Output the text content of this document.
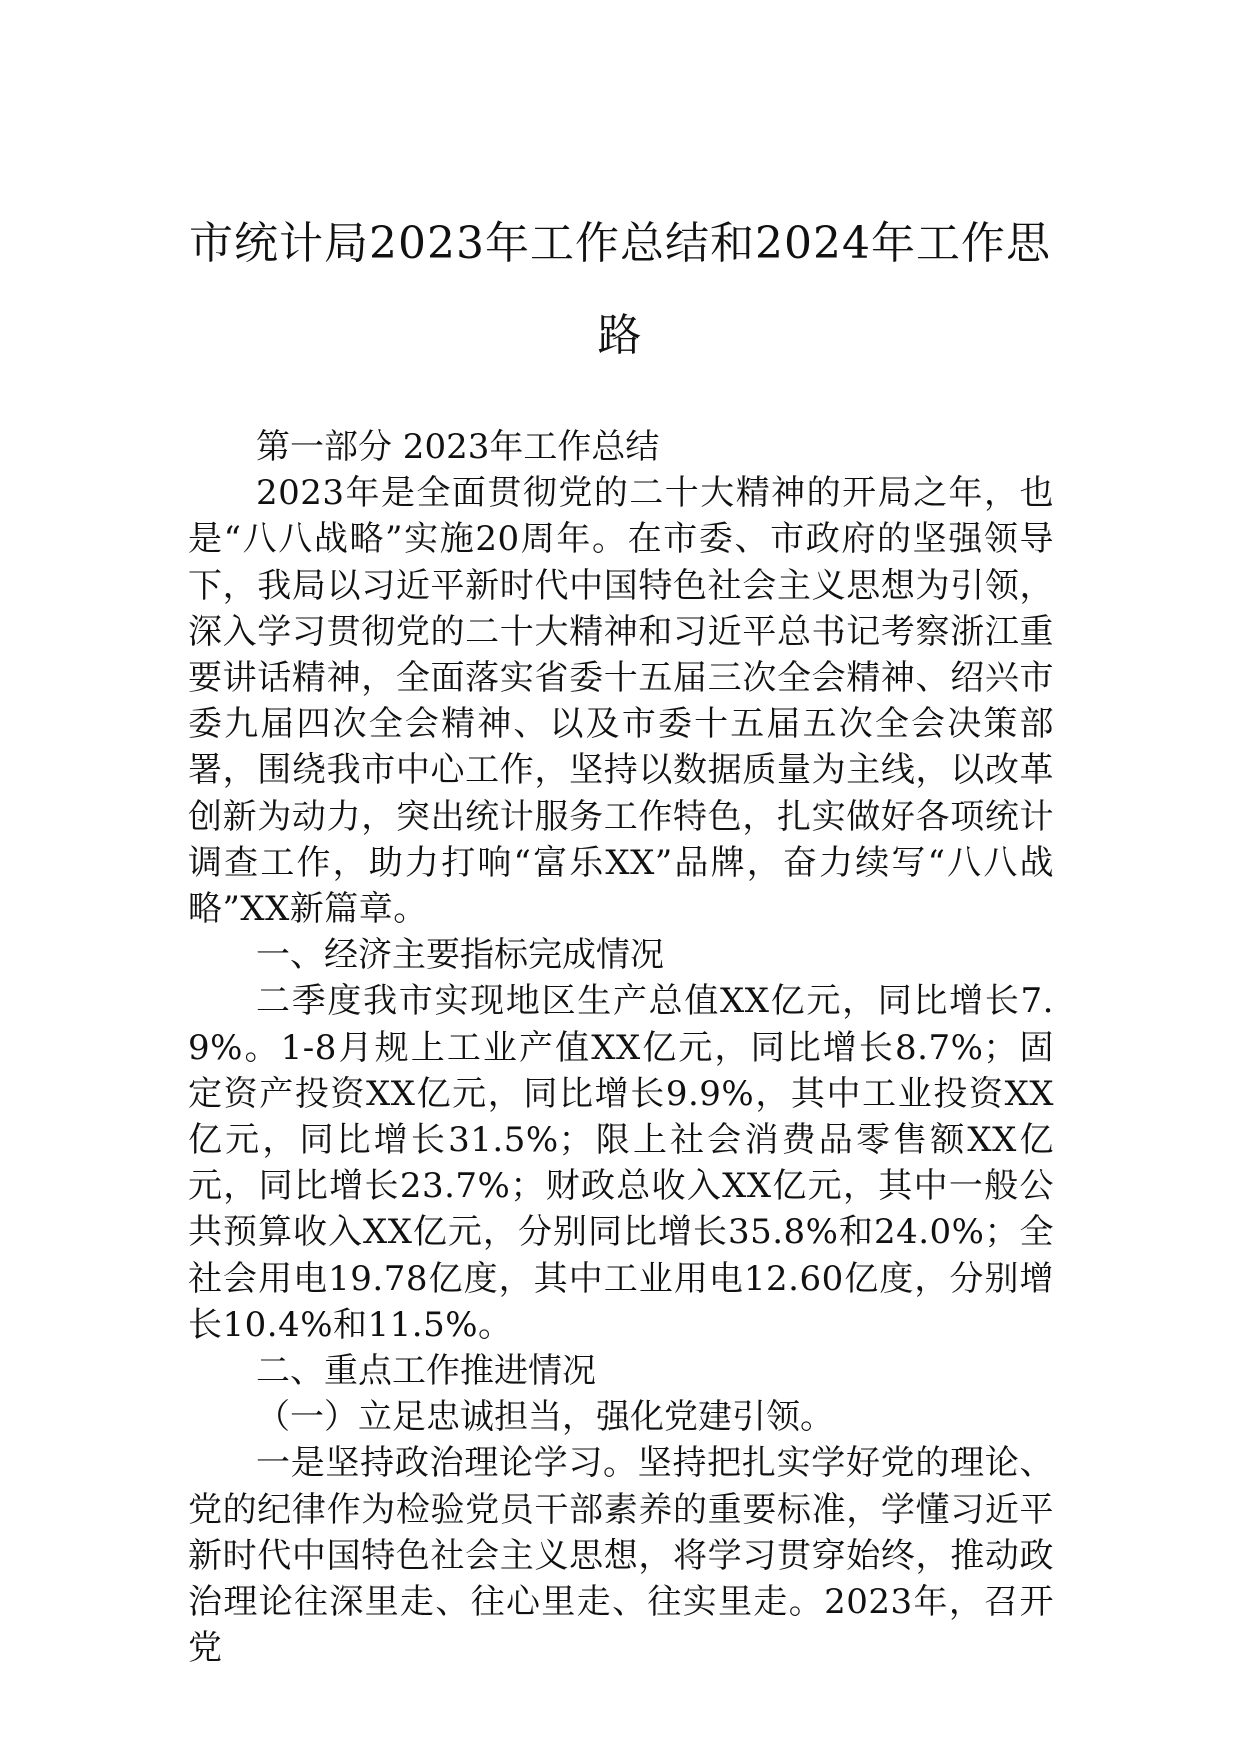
市统计局2023年工作总结和2024年工作思路

第一部分 2023年工作总结

2023年是全面贯彻党的二十大精神的开局之年，也是“八八战略”实施20周年。在市委、市政府的坚强领导下，我局以习近平新时代中国特色社会主义思想为引领，深入学习贯彻党的二十大精神和习近平总书记考察浙江重要讲话精神，全面落实省委十五届三次全会精神、绍兴市委九届四次全会精神、以及市委十五届五次全会决策部署，围绕我市中心工作，坚持以数据质量为主线，以改革创新为动力，突出统计服务工作特色，扎实做好各项统计调查工作，助力打响“富乐XX”品牌，奋力续写“八八战略”XX新篇章。

一、经济主要指标完成情况

二季度我市实现地区生产总值XX亿元，同比增长7.9%。1-8月规上工业产值XX亿元，同比增长8.7%；固定资产投资XX亿元，同比增长9.9%，其中工业投资XX亿元，同比增长31.5%；限上社会消费品零售额XX亿元，同比增长23.7%；财政总收入XX亿元，其中一般公共预算收入XX亿元，分别同比增长35.8%和24.0%；全社会用电19.78亿度，其中工业用电12.60亿度，分别增长10.4%和11.5%。

二、重点工作推进情况

（一）立足忠诚担当，强化党建引领。

一是坚持政治理论学习。坚持把扎实学好党的理论、党的纪律作为检验党员干部素养的重要标准，学懂习近平新时代中国特色社会主义思想，将学习贯穿始终，推动政治理论往深里走、往心里走、往实里走。2023年，召开党
